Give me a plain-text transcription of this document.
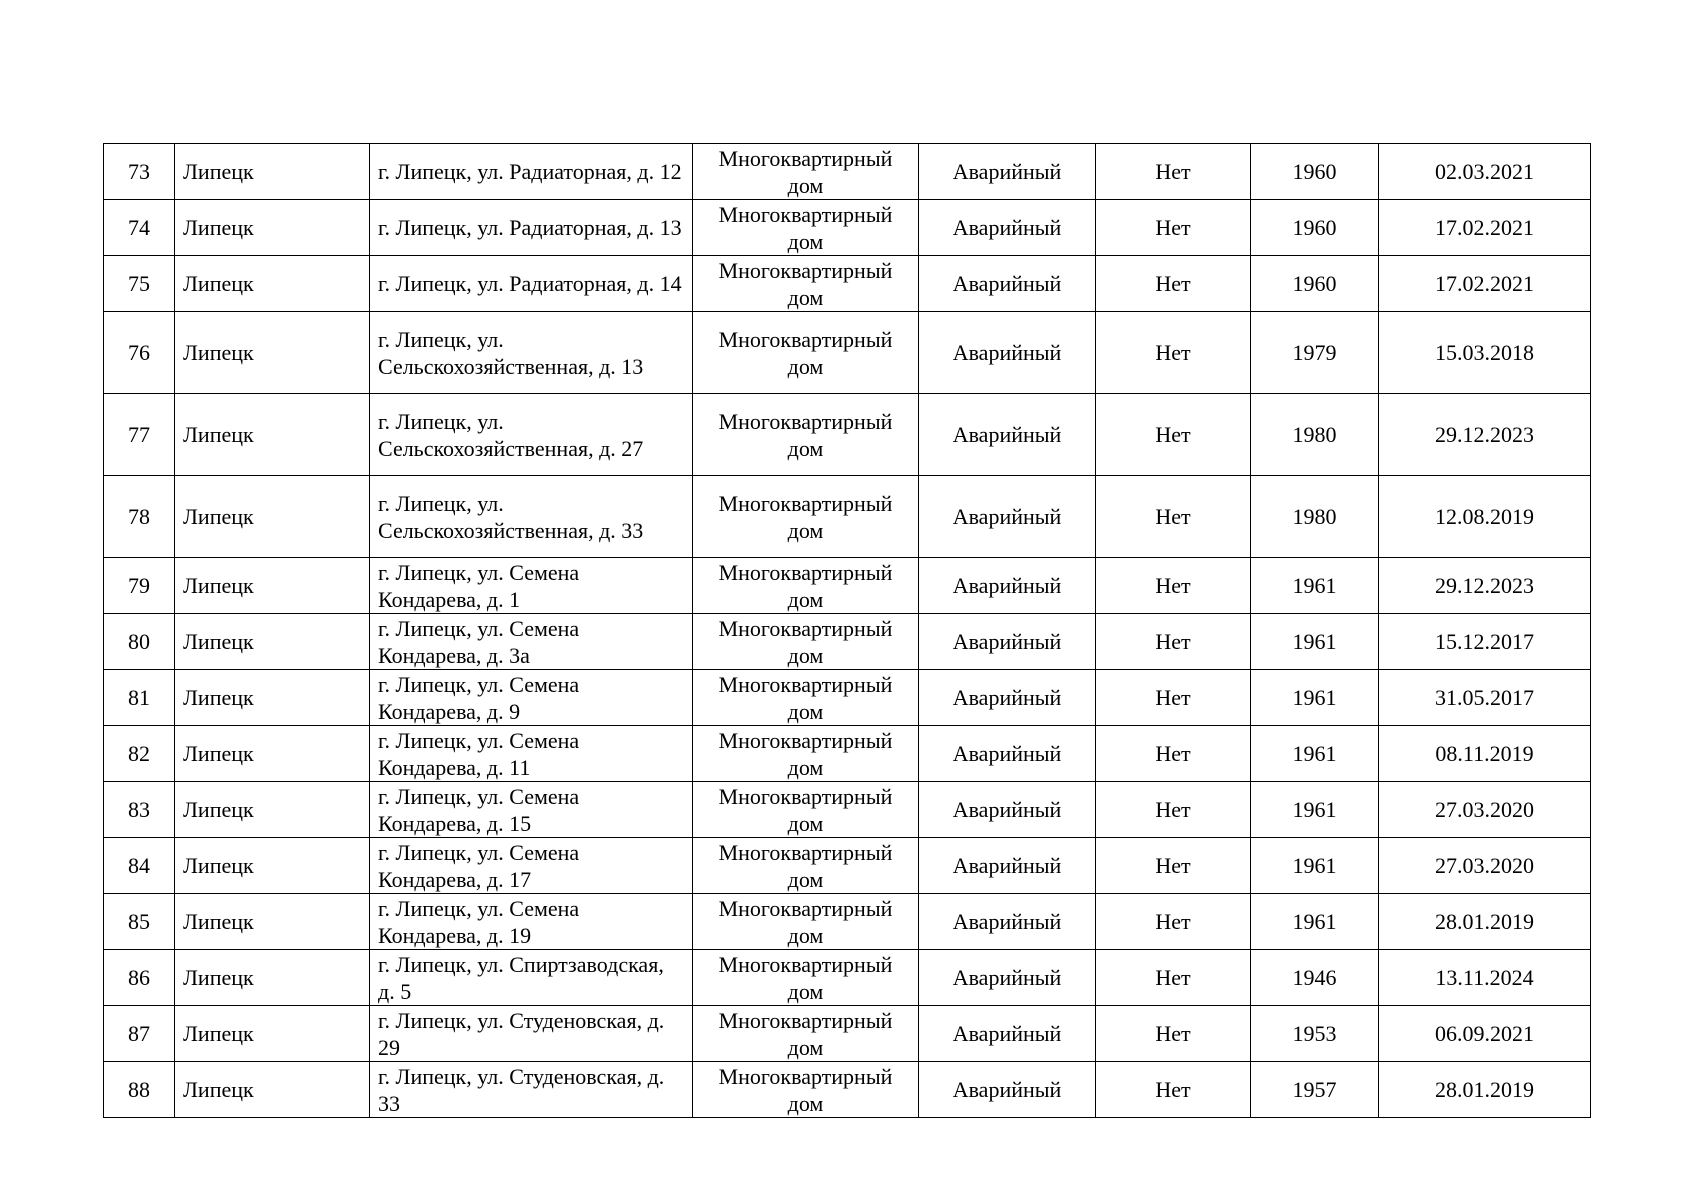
73	Липецк	г. Липецк, ул. Радиаторная, д. 12	Многоквартирный дом	Аварийный	Нет	1960	02.03.2021
74	Липецк	г. Липецк, ул. Радиаторная, д. 13	Многоквартирный дом	Аварийный	Нет	1960	17.02.2021
75	Липецк	г. Липецк, ул. Радиаторная, д. 14	Многоквартирный дом	Аварийный	Нет	1960	17.02.2021
76	Липецк	г. Липецк, ул. Сельскохозяйственная, д. 13	Многоквартирный дом	Аварийный	Нет	1979	15.03.2018
77	Липецк	г. Липецк, ул. Сельскохозяйственная, д. 27	Многоквартирный дом	Аварийный	Нет	1980	29.12.2023
78	Липецк	г. Липецк, ул. Сельскохозяйственная, д. 33	Многоквартирный дом	Аварийный	Нет	1980	12.08.2019
79	Липецк	г. Липецк, ул. Семена Кондарева, д. 1	Многоквартирный дом	Аварийный	Нет	1961	29.12.2023
80	Липецк	г. Липецк, ул. Семена Кондарева, д. 3а	Многоквартирный дом	Аварийный	Нет	1961	15.12.2017
81	Липецк	г. Липецк, ул. Семена Кондарева, д. 9	Многоквартирный дом	Аварийный	Нет	1961	31.05.2017
82	Липецк	г. Липецк, ул. Семена Кондарева, д. 11	Многоквартирный дом	Аварийный	Нет	1961	08.11.2019
83	Липецк	г. Липецк, ул. Семена Кондарева, д. 15	Многоквартирный дом	Аварийный	Нет	1961	27.03.2020
84	Липецк	г. Липецк, ул. Семена Кондарева, д. 17	Многоквартирный дом	Аварийный	Нет	1961	27.03.2020
85	Липецк	г. Липецк, ул. Семена Кондарева, д. 19	Многоквартирный дом	Аварийный	Нет	1961	28.01.2019
86	Липецк	г. Липецк, ул. Спиртзаводская, д. 5	Многоквартирный дом	Аварийный	Нет	1946	13.11.2024
87	Липецк	г. Липецк, ул. Студеновская, д. 29	Многоквартирный дом	Аварийный	Нет	1953	06.09.2021
88	Липецк	г. Липецк, ул. Студеновская, д. 33	Многоквартирный дом	Аварийный	Нет	1957	28.01.2019
